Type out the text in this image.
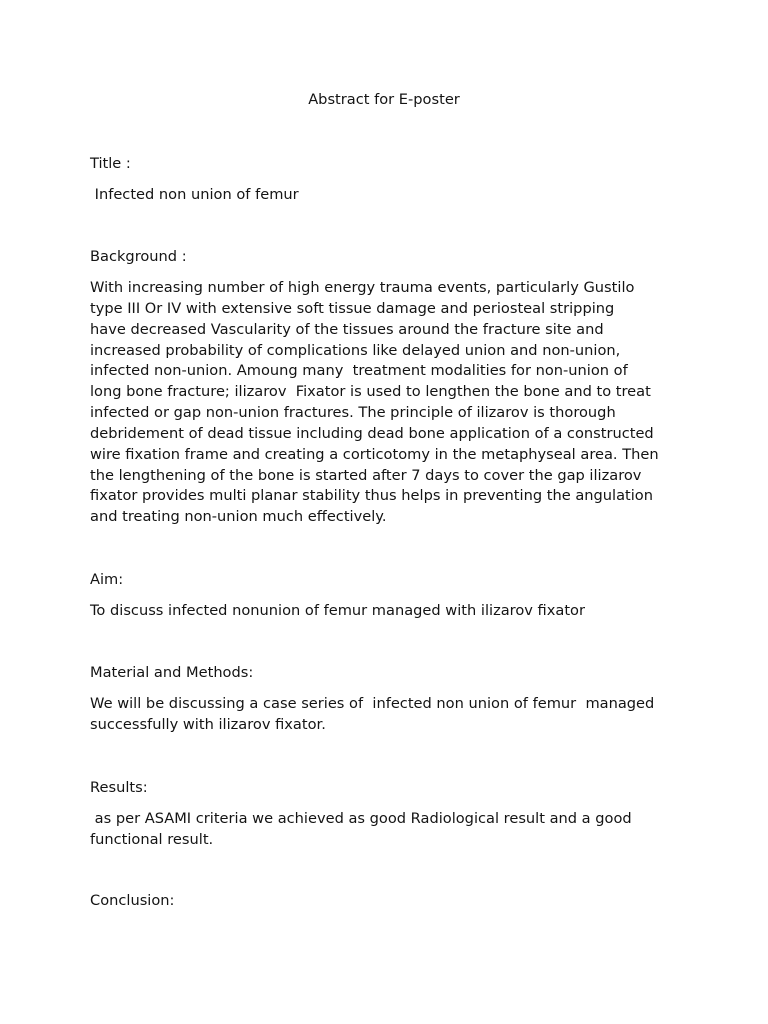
Abstract for E-poster

Title :

Infected non union of femur

Background :

With increasing number of high energy trauma events, particularly Gustilo
type III Or IV with extensive soft tissue damage and periosteal stripping
have decreased Vascularity of the tissues around the fracture site and
increased probability of complications like delayed union and non-union,
infected non-union. Amoung many  treatment modalities for non-union of
long bone fracture; ilizarov  Fixator is used to lengthen the bone and to treat
infected or gap non-union fractures. The principle of ilizarov is thorough
debridement of dead tissue including dead bone application of a constructed
wire fixation frame and creating a corticotomy in the metaphyseal area. Then
the lengthening of the bone is started after 7 days to cover the gap ilizarov
fixator provides multi planar stability thus helps in preventing the angulation
and treating non-union much effectively.

Aim:

To discuss infected nonunion of femur managed with ilizarov fixator

Material and Methods:

We will be discussing a case series of  infected non union of femur  managed
successfully with ilizarov fixator.

Results:

as per ASAMI criteria we achieved as good Radiological result and a good
functional result.

Conclusion:
